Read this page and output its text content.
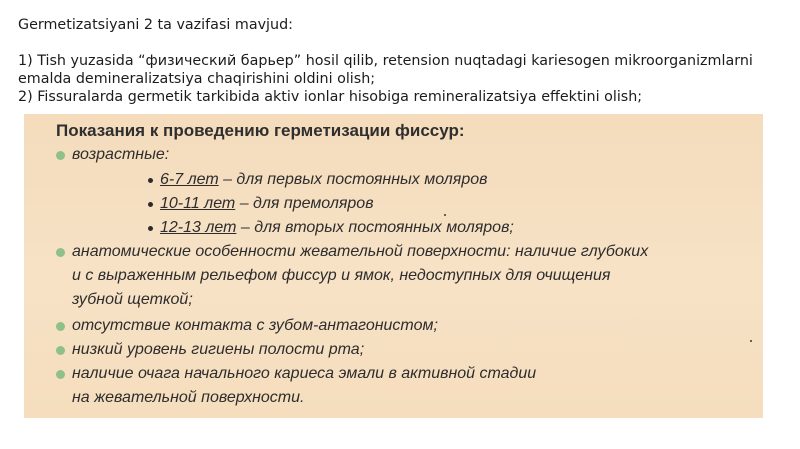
Germetizatsiyani 2 ta vazifasi mavjud:

1) Tish yuzasida “физический барьер” hosil qilib, retension nuqtadagi kariesogen mikroorganizmlarni

emalda demineralizatsiya chaqirishini oldini olish;

2) Fissuralarda germetik tarkibida aktiv ionlar hisobiga remineralizatsiya effektini olish;

Показания к проведению герметизации фиссур:
возрастные:
6-7 лет – для первых постоянных моляров
10-11 лет – для премоляров
12-13 лет – для вторых постоянных моляров;
анатомические особенности жевательной поверхности: наличие глубоких
и с выраженным рельефом фиссур и ямок, недоступных для очищения
зубной щеткой;
отсутствие контакта с зубом-антагонистом;
низкий уровень гигиены полости рта;
наличие очага начального кариеса эмали в активной стадии
на жевательной поверхности.
